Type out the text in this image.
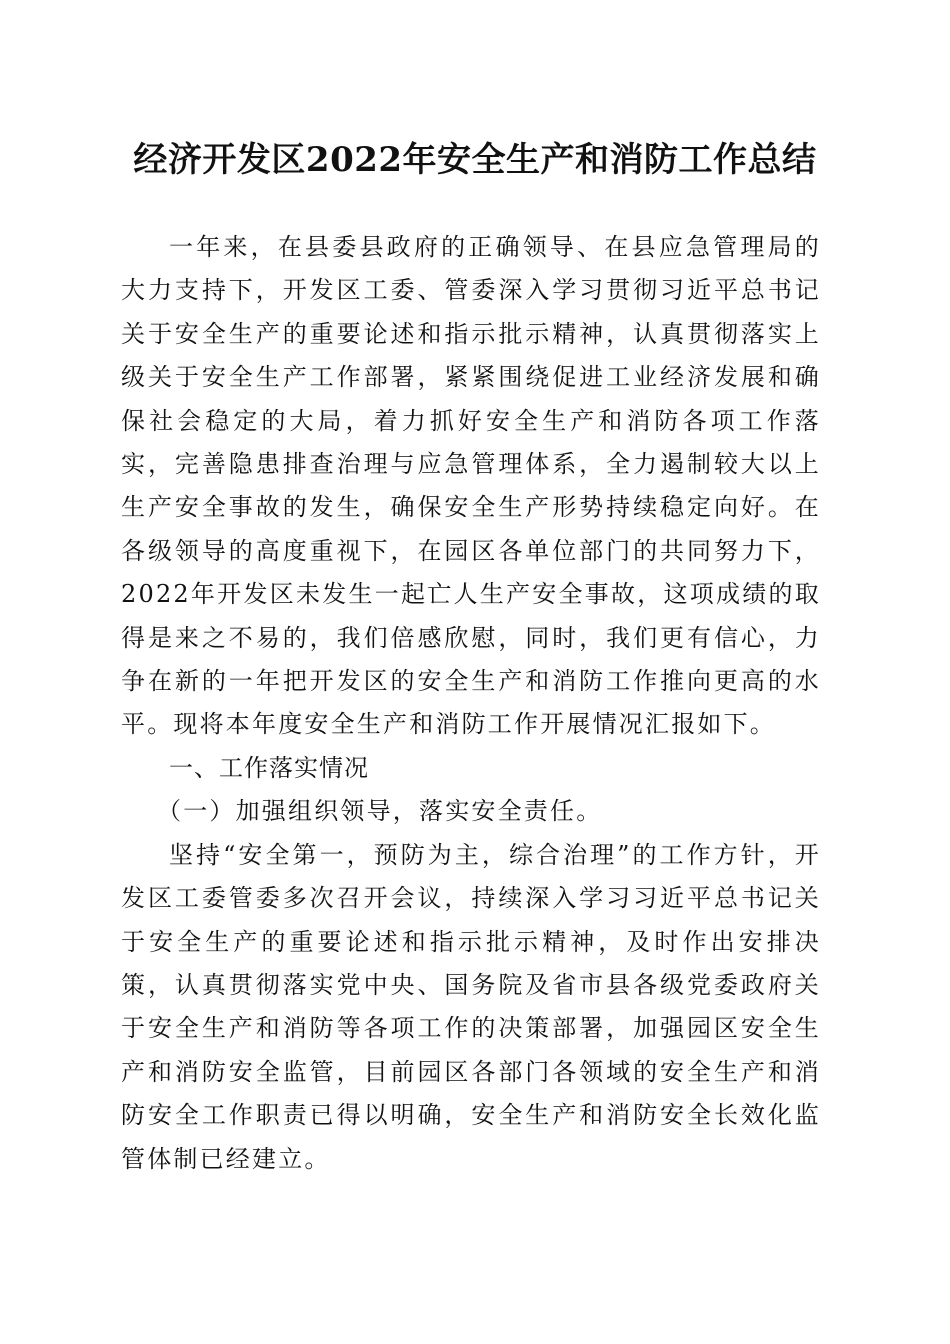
经济开发区2022年安全生产和消防工作总结

一年来，在县委县政府的正确领导、在县应急管理局的大力支持下，开发区工委、管委深入学习贯彻习近平总书记关于安全生产的重要论述和指示批示精神，认真贯彻落实上级关于安全生产工作部署，紧紧围绕促进工业经济发展和确保社会稳定的大局，着力抓好安全生产和消防各项工作落实，完善隐患排查治理与应急管理体系，全力遏制较大以上生产安全事故的发生，确保安全生产形势持续稳定向好。在各级领导的高度重视下，在园区各单位部门的共同努力下，2022年开发区未发生一起亡人生产安全事故，这项成绩的取得是来之不易的，我们倍感欣慰，同时，我们更有信心，力争在新的一年把开发区的安全生产和消防工作推向更高的水平。现将本年度安全生产和消防工作开展情况汇报如下。

一、工作落实情况

（一）加强组织领导，落实安全责任。

坚持“安全第一，预防为主，综合治理”的工作方针，开发区工委管委多次召开会议，持续深入学习习近平总书记关于安全生产的重要论述和指示批示精神，及时作出安排决策，认真贯彻落实党中央、国务院及省市县各级党委政府关于安全生产和消防等各项工作的决策部署，加强园区安全生产和消防安全监管，目前园区各部门各领域的安全生产和消防安全工作职责已得以明确，安全生产和消防安全长效化监管体制已经建立。
